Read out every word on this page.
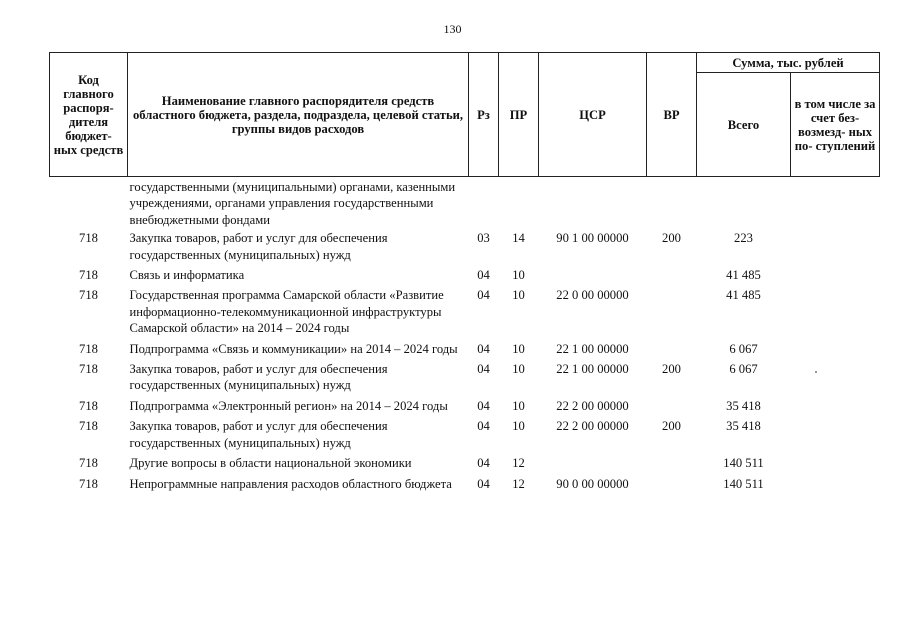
130
Код главного распоря- дителя бюджет- ных средств	Наименование главного распорядителя средств областного бюджета, раздела, подраздела, целевой статьи, группы видов расходов	Рз	ПР	ЦСР	ВР	Сумма, тыс. рублей	
						Всего	в том числе за счет без- возмезд- ных по- ступлений
	государственными (муниципальными) органами, казенными учреждениями, органами управления государственными внебюджетными фондами						
718	Закупка товаров, работ и услуг для обеспечения государственных (муниципальных) нужд	03	14	90 1 00 00000	200	223	
718	Связь и информатика	04	10			41 485	
718	Государственная программа Самарской области «Развитие информационно-телекоммуникационной инфраструктуры Самарской области» на 2014 – 2024 годы	04	10	22 0 00 00000		41 485	
718	Подпрограмма «Связь и коммуникации» на 2014 – 2024 годы	04	10	22 1 00 00000		6 067	
718	Закупка товаров, работ и услуг для обеспечения государственных (муниципальных) нужд	04	10	22 1 00 00000	200	6 067	
718	Подпрограмма «Электронный регион» на 2014 – 2024 годы	04	10	22 2 00 00000		35 418	
718	Закупка товаров, работ и услуг для обеспечения государственных (муниципальных) нужд	04	10	22 2 00 00000	200	35 418	
718	Другие вопросы в области национальной экономики	04	12			140 511	
718	Непрограммные направления расходов областного бюджета	04	12	90 0 00 00000		140 511	
